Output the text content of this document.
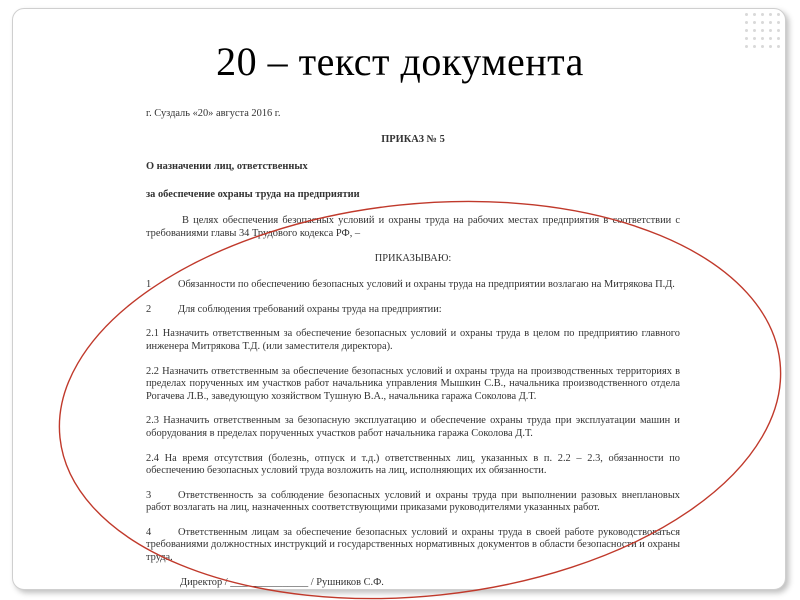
20 – текст документа

г. Суздаль «20» августа 2016 г.

ПРИКАЗ № 5

О назначении лиц, ответственных

за обеспечение охраны труда на предприятии

В целях обеспечения безопасных условий и охраны труда на рабочих местах предприятия в соответствии с требованиями главы 34 Трудового кодекса РФ, –

ПРИКАЗЫВАЮ:

1	Обязанности по обеспечению безопасных условий и охраны труда на предприятии возлагаю на Митрякова П.Д.

2	Для соблюдения требований охраны труда на предприятии:

2.1 Назначить ответственным за обеспечение безопасных условий и охраны труда в целом по предприятию главного инженера Митрякова Т.Д. (или заместителя директора).

2.2 Назначить ответственным за обеспечение безопасных условий и охраны труда на производственных территориях в пределах порученных им участков работ начальника управления Мышкин С.В., начальника производственного отдела Рогачева Л.В., заведующую хозяйством Тушную В.А., начальника гаража Соколова Д.Т.

2.3 Назначить ответственным за безопасную эксплуатацию и обеспечение охраны труда при эксплуатации машин и оборудования в пределах порученных участков работ начальника гаража Соколова Д.Т.

2.4 На время отсутствия (болезнь, отпуск и т.д.) ответственных лиц, указанных в п. 2.2 – 2.3, обязанности по обеспечению безопасных условий труда возложить на лиц, исполняющих их обязанности.

3	Ответственность за соблюдение безопасных условий и охраны труда при выполнении разовых внеплановых работ возлагать на лиц, назначенных соответствующими приказами руководителями указанных работ.

4	Ответственным лицам за обеспечение безопасных условий и охраны труда в своей работе руководствоваться требованиями должностных инструкций и государственных нормативных документов в области безопасности и охраны труда.

Директор / _______________ / Рушников С.Ф.
